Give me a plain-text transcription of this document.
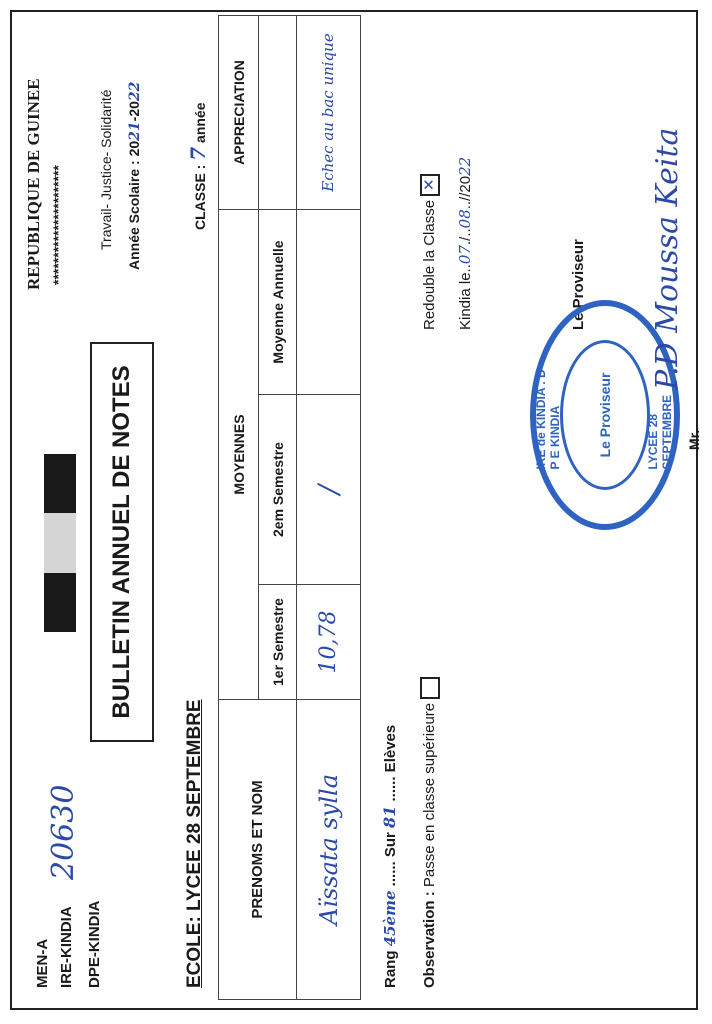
MEN-A IRE-KINDIA
20630
DPE-KINDIA
BULLETIN ANNUEL DE NOTES
REPUBLIQUE DE GUINEE ********************** Travail- Justice- Solidarité Année Scolaire : 2021-2022
CLASSE : 7 année
ECOLE: LYCEE 28 SEPTEMBRE	PRENOMS ET NOM	MOYENNES			APPRECIATION
	1er Semestre	2em Semestre	Moyenne Annuelle	
Aïssata sylla	10,78	/		Echec au bac unique
Rang 45ème ...... Sur 81 ...... Elèves
Observation : Passe en classe supérieure
Redouble la Classe ✕
Kindia le..07./..08..//2022
Le Proviseur
IRE de KINDIA . D P E KINDIA	Le Proviseur	LYCEE 28 SEPTEMBRE Mr.
P.D Moussa Keita
